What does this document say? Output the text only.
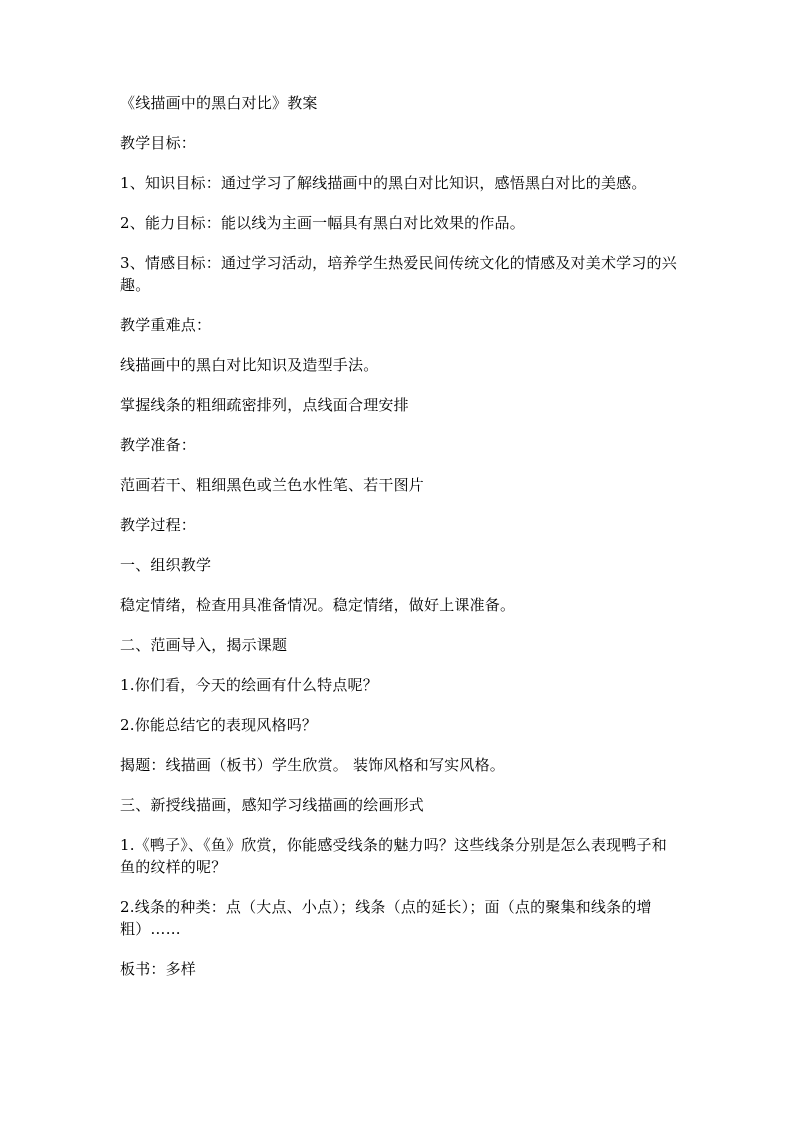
《线描画中的黑白对比》教案

教学目标：

1、知识目标：通过学习了解线描画中的黑白对比知识，感悟黑白对比的美感。

2、能力目标：能以线为主画一幅具有黑白对比效果的作品。

3、情感目标：通过学习活动，培养学生热爱民间传统文化的情感及对美术学习的兴趣。

教学重难点：

线描画中的黑白对比知识及造型手法。

掌握线条的粗细疏密排列，点线面合理安排

教学准备：

范画若干、粗细黑色或兰色水性笔、若干图片

教学过程：

一、组织教学

稳定情绪，检查用具准备情况。稳定情绪，做好上课准备。

二、范画导入，揭示课题

1.你们看，今天的绘画有什么特点呢？

2.你能总结它的表现风格吗？

揭题：线描画（板书）学生欣赏。 装饰风格和写实风格。

三、新授线描画，感知学习线描画的绘画形式

1.《鸭子》、《鱼》欣赏，你能感受线条的魅力吗？这些线条分别是怎么表现鸭子和鱼的纹样的呢？

2.线条的种类：点（大点、小点）；线条（点的延长）；面（点的聚集和线条的增粗）……

板书：多样
